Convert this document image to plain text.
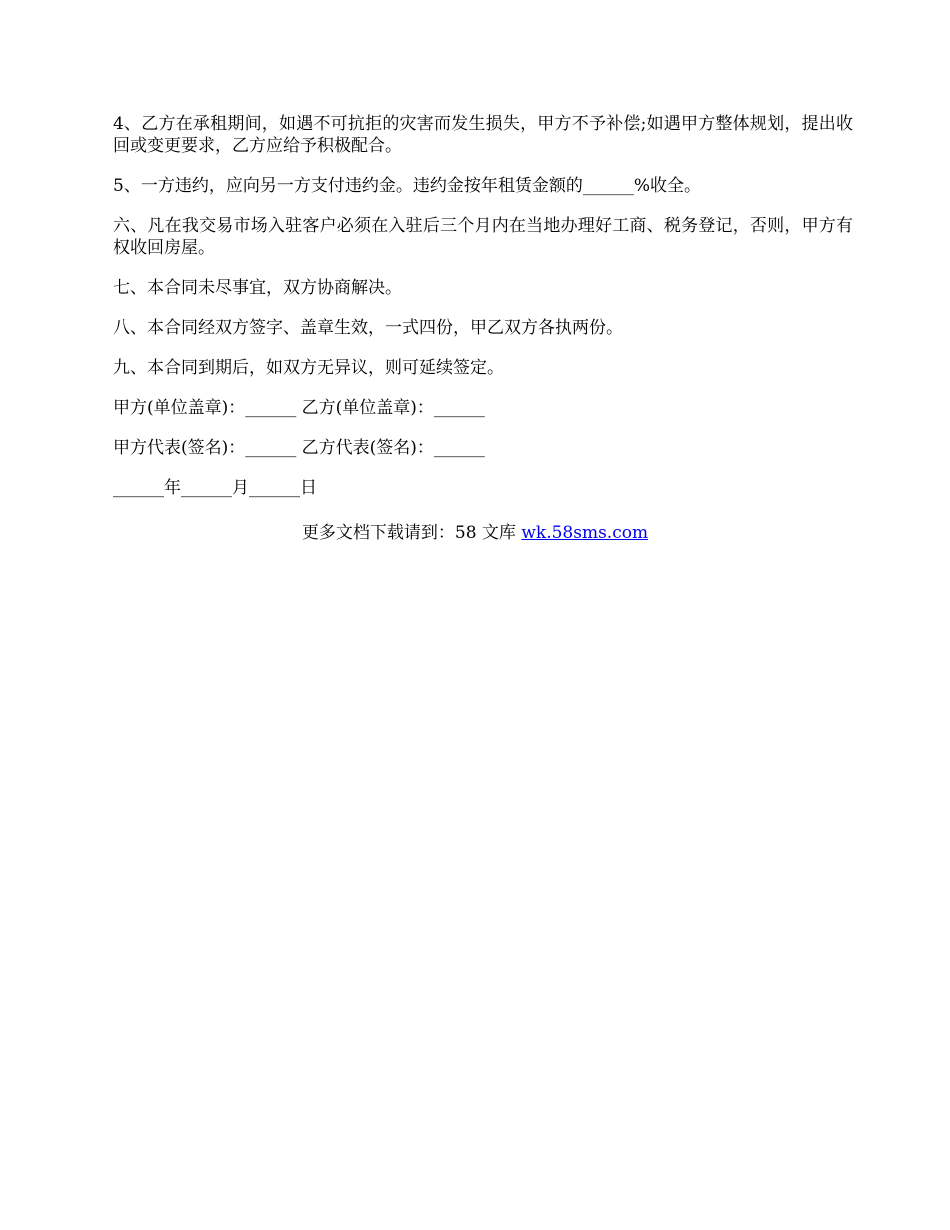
4、乙方在承租期间，如遇不可抗拒的灾害而发生损失，甲方不予补偿;如遇甲方整体规划，提出收回或变更要求，乙方应给予积极配合。

5、一方违约，应向另一方支付违约金。违约金按年租赁金额的______%收全。

六、凡在我交易市场入驻客户必须在入驻后三个月内在当地办理好工商、税务登记，否则，甲方有权收回房屋。

七、本合同未尽事宜，双方协商解决。

八、本合同经双方签字、盖章生效，一式四份，甲乙双方各执两份。

九、本合同到期后，如双方无异议，则可延续签定。

甲方(单位盖章)：______ 乙方(单位盖章)：______

甲方代表(签名)：______ 乙方代表(签名)：______

______年______月______日

更多文档下载请到：58 文库 wk.58sms.com
